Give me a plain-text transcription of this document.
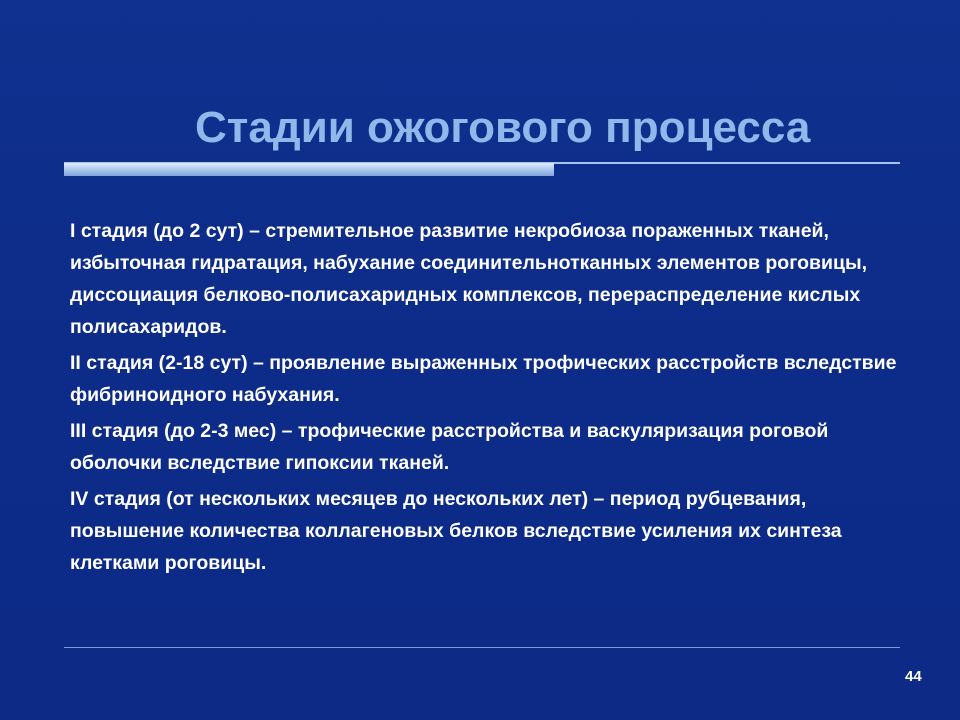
Стадии ожогового процесса

I стадия (до 2 сут) – стремительное развитие некробиоза пораженных тканей, избыточная гидратация, набухание соединительнотканных элементов роговицы, диссоциация белково-полисахаридных комплексов, перераспределение кислых полисахаридов.

II стадия (2-18 сут) – проявление выраженных трофических расстройств вследствие фибриноидного набухания.

III стадия (до 2-3 мес) – трофические расстройства и васкуляризация роговой оболочки вследствие гипоксии тканей.

IV стадия (от нескольких месяцев до нескольких лет) – период рубцевания, повышение количества коллагеновых белков вследствие усиления их синтеза клетками роговицы.

44
